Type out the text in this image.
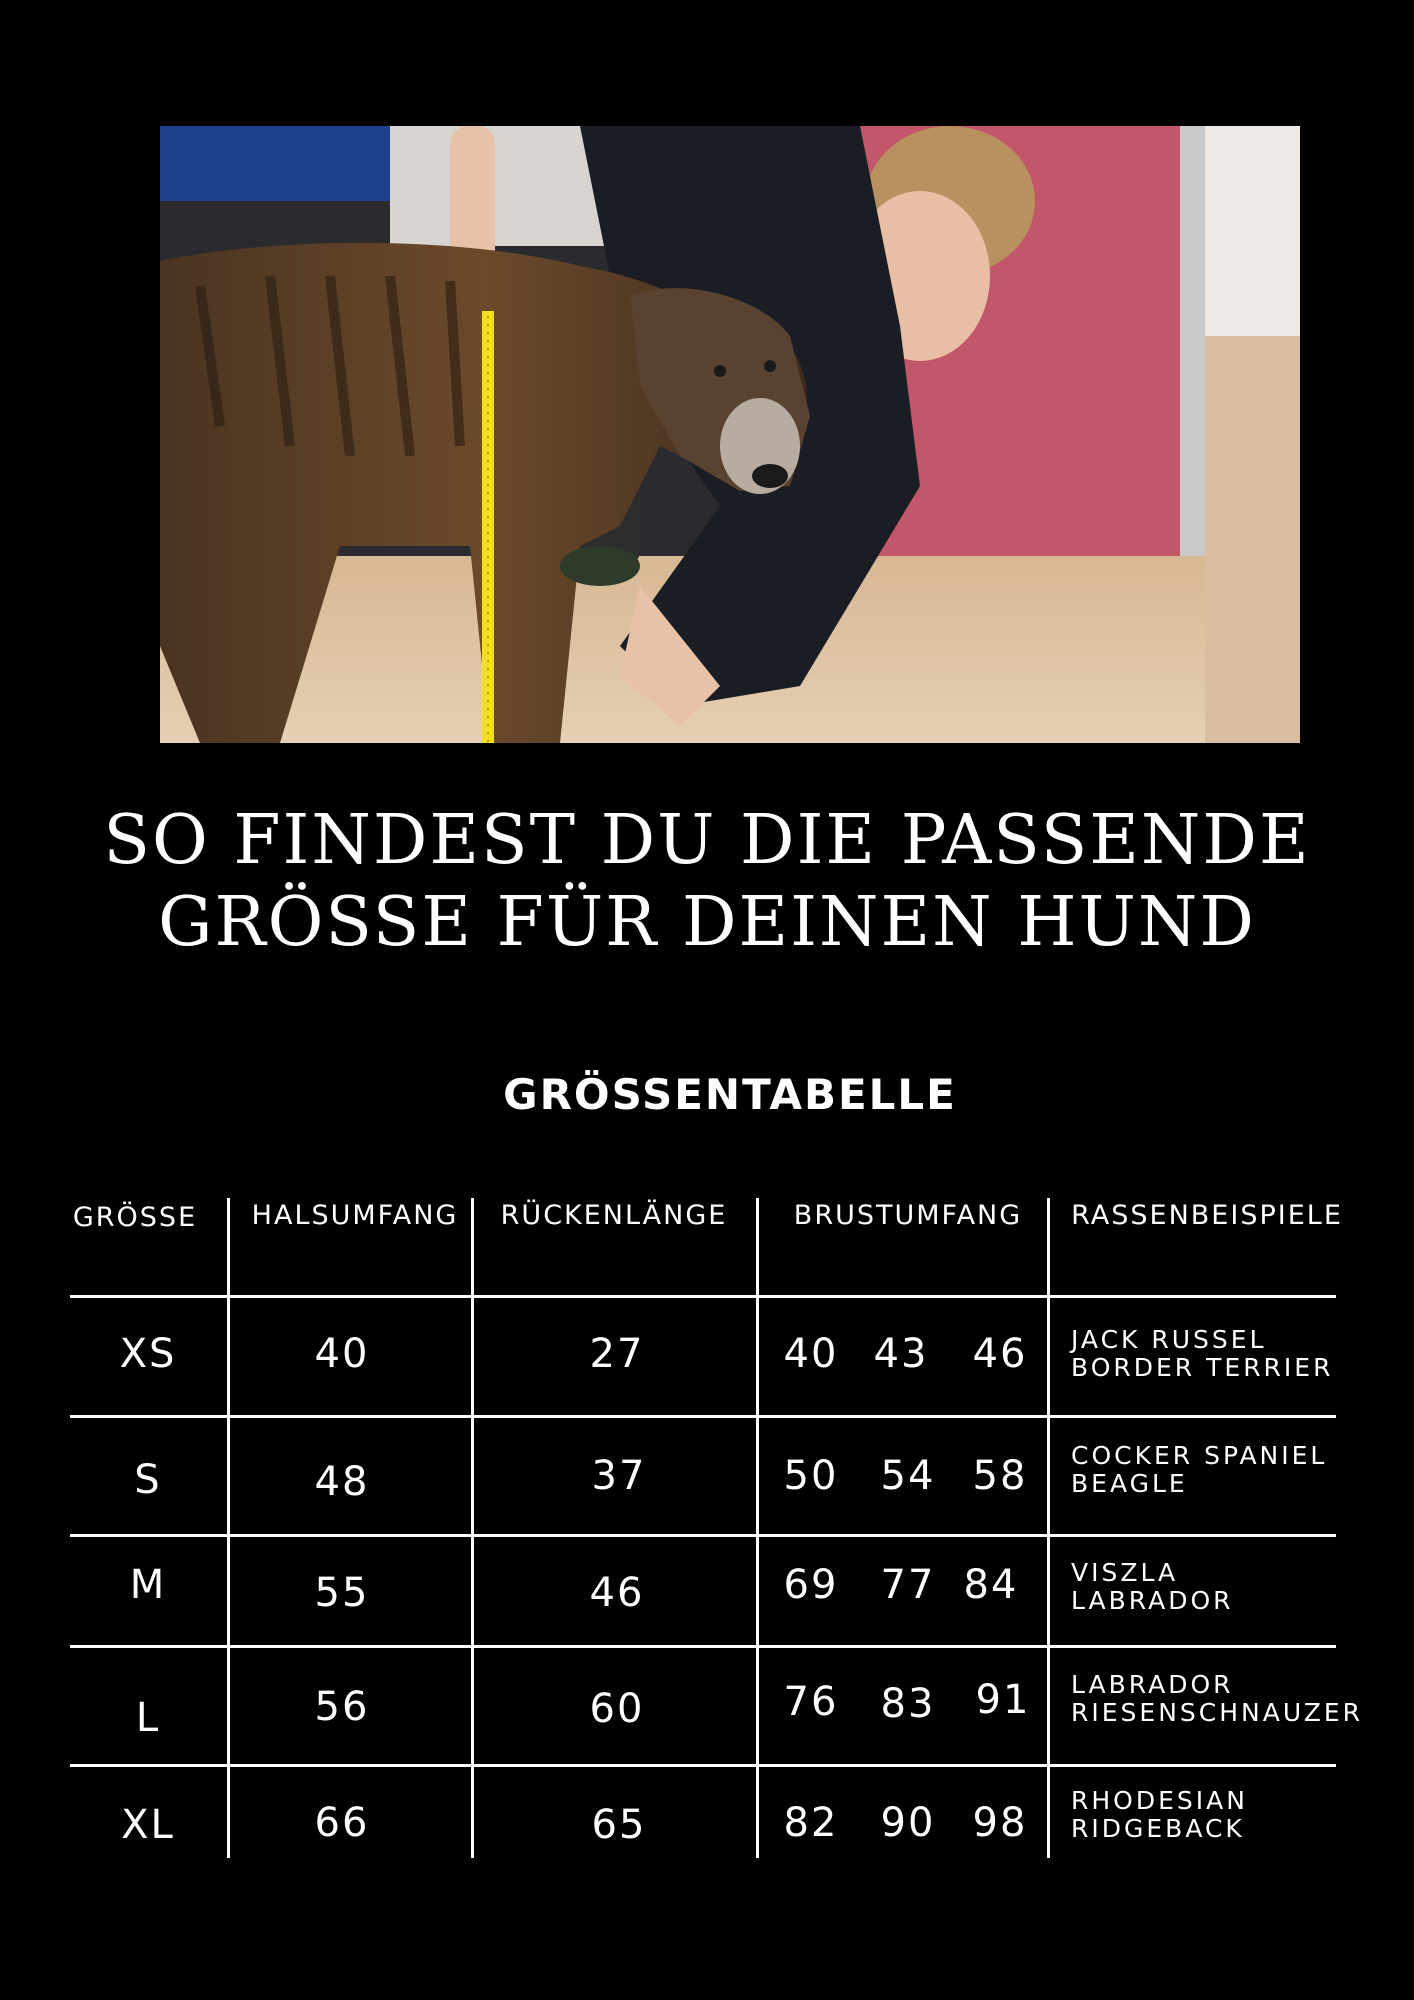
SO FINDEST DU DIE PASSENDE
GRÖSSE FÜR DEINEN HUND
GRÖSSENTABELLE
GRÖSSE HALSUMFANG RÜCKENLÄNGE BRUSTUMFANG RASSENBEISPIELE
XS	40	27	40 43 46 JACK RUSSEL
BORDER TERRIER
S	48	37	50 54 58 COCKER SPANIEL
BEAGLE
M	55	46	69 77 84 VISZLA
LABRADOR
L	56	60	76 83 91 LABRADOR
RIESENSCHNAUZER
XL	66	65	82 90 98 RHODESIAN
RIDGEBACK
